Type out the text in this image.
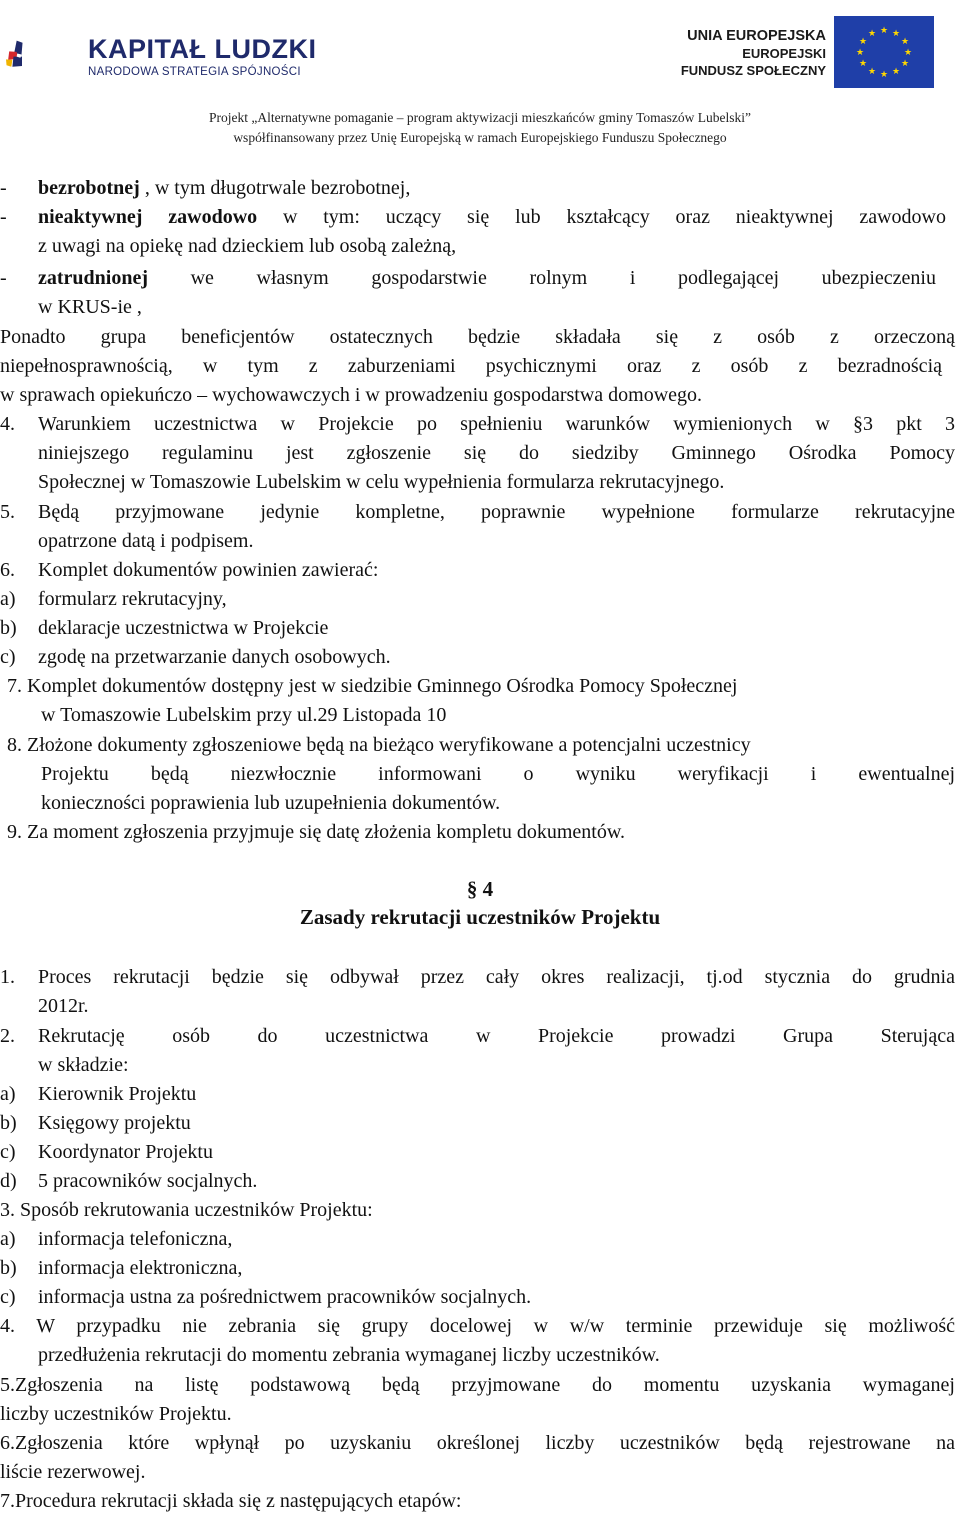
KAPITAŁ LUDZKI
NARODOWA STRATEGIA SPÓJNOŚCI
UNIA EUROPEJSKA
EUROPEJSKI
FUNDUSZ SPOŁECZNY
★ ★
★
★
★
★
★
★
★
★
★
★
Projekt „Alternatywne pomaganie – program aktywizacji mieszkańców gminy Tomaszów Lubelski”
współfinansowany przez Unię Europejską w ramach Europejskiego Funduszu Społecznego
- bezrobotnej , w tym długotrwale bezrobotnej,
- nieaktywnej zawodowo w tym: uczący się lub kształcący oraz nieaktywnej zawodowo
z uwagi na opiekę nad dzieckiem lub osobą zależną,
- zatrudnionej we własnym gospodarstwie rolnym i podlegającej ubezpieczeniu
w KRUS-ie ,
Ponadto grupa beneficjentów ostatecznych będzie składała się z osób z orzeczoną
niepełnosprawnością, w tym z zaburzeniami psychicznymi oraz z osób z bezradnością
w sprawach opiekuńczo – wychowawczych i w prowadzeniu gospodarstwa domowego.
4. Warunkiem uczestnictwa w Projekcie po spełnieniu warunków wymienionych w §3 pkt 3
niniejszego regulaminu jest zgłoszenie się do siedziby Gminnego Ośrodka Pomocy
Społecznej w Tomaszowie Lubelskim w celu wypełnienia formularza rekrutacyjnego.
5. Będą przyjmowane jedynie kompletne, poprawnie wypełnione formularze rekrutacyjne
opatrzone datą i podpisem.
6. Komplet dokumentów powinien zawierać:
a) formularz rekrutacyjny,
b) deklaracje uczestnictwa w Projekcie
c) zgodę na przetwarzanie danych osobowych.
7. Komplet dokumentów dostępny jest w siedzibie Gminnego Ośrodka Pomocy Społecznej
w Tomaszowie Lubelskim przy ul.29 Listopada 10
8. Złożone dokumenty zgłoszeniowe będą na bieżąco weryfikowane a potencjalni uczestnicy
Projektu będą niezwłocznie informowani o wyniku weryfikacji i ewentualnej
konieczności poprawienia lub uzupełnienia dokumentów.
9. Za moment zgłoszenia przyjmuje się datę złożenia kompletu dokumentów.
§ 4
Zasady rekrutacji uczestników Projektu
1. Proces rekrutacji będzie się odbywał przez cały okres realizacji, tj.od stycznia do grudnia
2012r.
2. Rekrutację osób do uczestnictwa w Projekcie prowadzi Grupa Sterująca
w składzie:
a) Kierownik Projektu
b) Księgowy projektu
c) Koordynator Projektu
d) 5 pracowników socjalnych.
3. Sposób rekrutowania uczestników Projektu:
a) informacja telefoniczna,
b) informacja elektroniczna,
c) informacja ustna za pośrednictwem pracowników socjalnych.
4. W przypadku nie zebrania się grupy docelowej w w/w terminie przewiduje się możliwość
przedłużenia rekrutacji do momentu zebrania wymaganej liczby uczestników.
5.Zgłoszenia na listę podstawową będą przyjmowane do momentu uzyskania wymaganej
liczby uczestników Projektu.
6.Zgłoszenia które wpłynął po uzyskaniu określonej liczby uczestników będą rejestrowane na
liście rezerwowej.
7.Procedura rekrutacji składa się z następujących etapów:
